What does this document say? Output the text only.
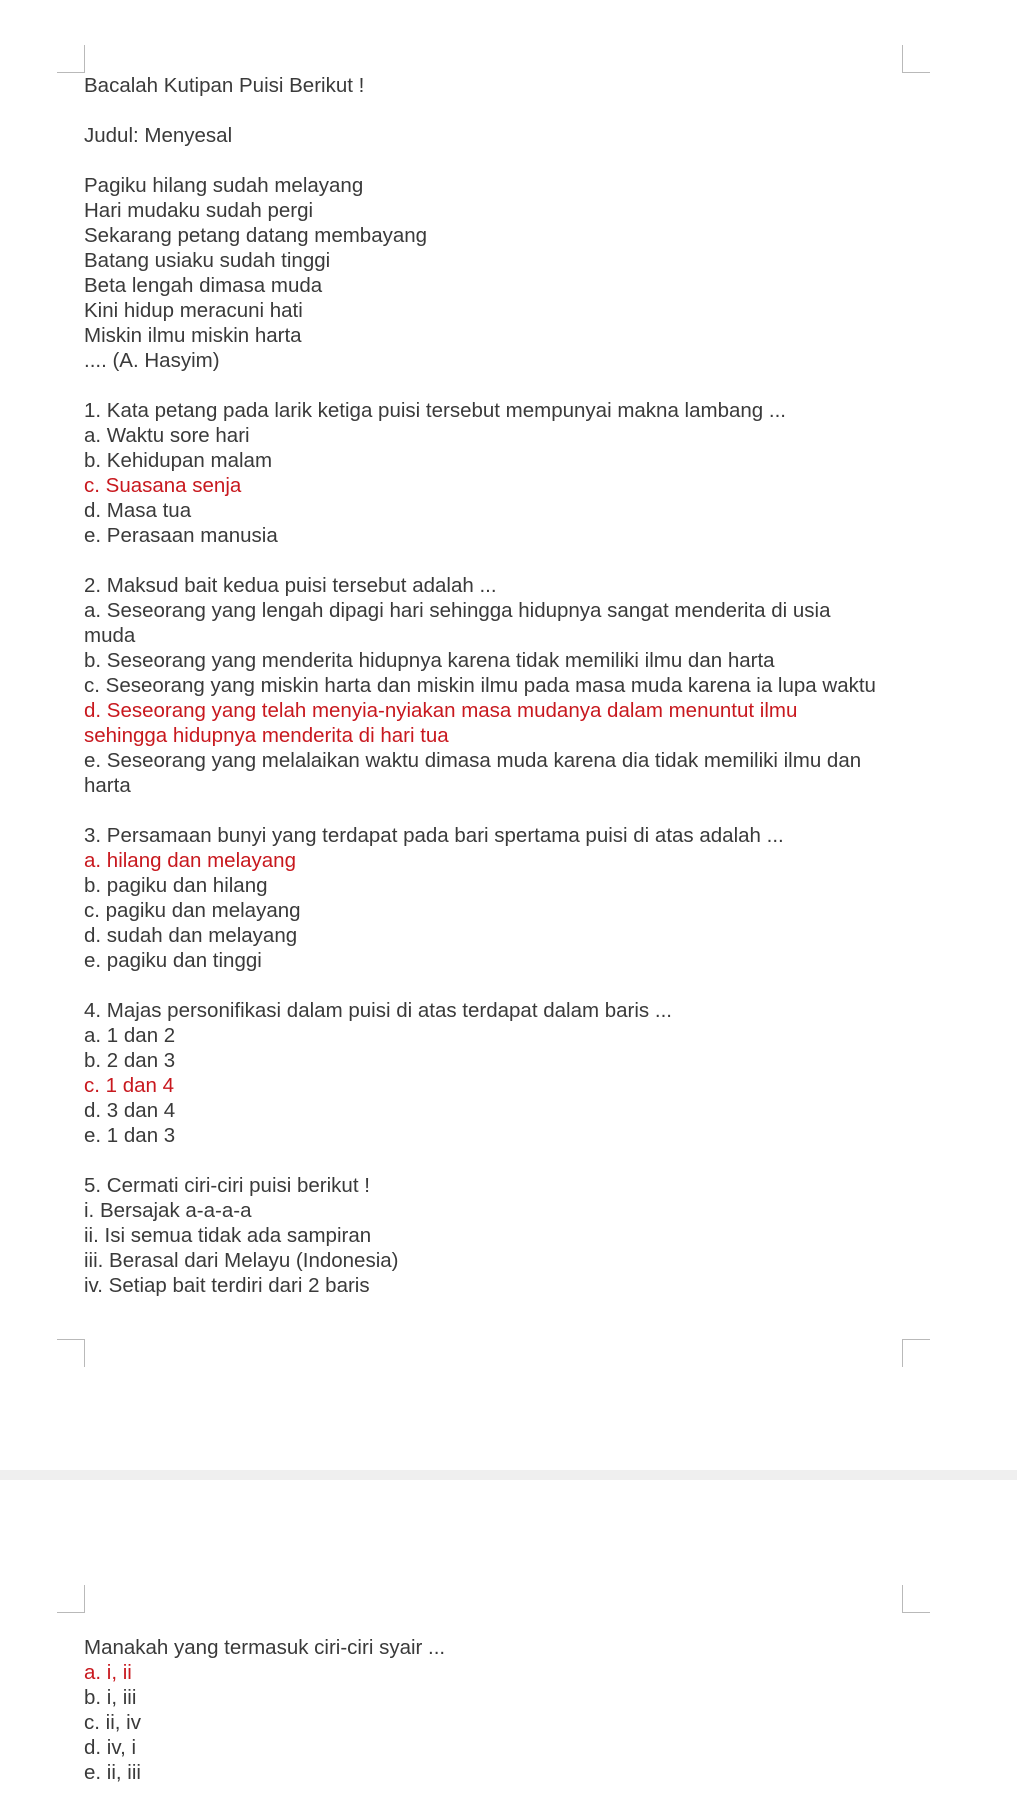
Bacalah Kutipan Puisi Berikut !
Judul: Menyesal
Pagiku hilang sudah melayang
Hari mudaku sudah pergi
Sekarang petang datang membayang
Batang usiaku sudah tinggi
Beta lengah dimasa muda
Kini hidup meracuni hati
Miskin ilmu miskin harta
.... (A. Hasyim)
1. Kata petang pada larik ketiga puisi tersebut mempunyai makna lambang ...
a. Waktu sore hari
b. Kehidupan malam
c. Suasana senja
d. Masa tua
e. Perasaan manusia
2. Maksud bait kedua puisi tersebut adalah ...
a. Seseorang yang lengah dipagi hari sehingga hidupnya sangat menderita di usia muda
b. Seseorang yang menderita hidupnya karena tidak memiliki ilmu dan harta
c. Seseorang yang miskin harta dan miskin ilmu pada masa muda karena ia lupa waktu
d. Seseorang yang telah menyia-nyiakan masa mudanya dalam menuntut ilmu sehingga hidupnya menderita di hari tua
e. Seseorang yang melalaikan waktu dimasa muda karena dia tidak memiliki ilmu dan harta
3. Persamaan bunyi yang terdapat pada bari spertama puisi di atas adalah ...
a. hilang dan melayang
b. pagiku dan hilang
c. pagiku dan melayang
d. sudah dan melayang
e. pagiku dan tinggi
4. Majas personifikasi dalam puisi di atas terdapat dalam baris ...
a. 1 dan 2
b. 2 dan 3
c. 1 dan 4
d. 3 dan 4
e. 1 dan 3
5. Cermati ciri-ciri puisi berikut !
i. Bersajak a-a-a-a
ii. Isi semua tidak ada sampiran
iii. Berasal dari Melayu (Indonesia)
iv. Setiap bait terdiri dari 2 baris
Manakah yang termasuk ciri-ciri syair ...
a. i, ii
b. i, iii
c. ii, iv
d. iv, i
e. ii, iii
